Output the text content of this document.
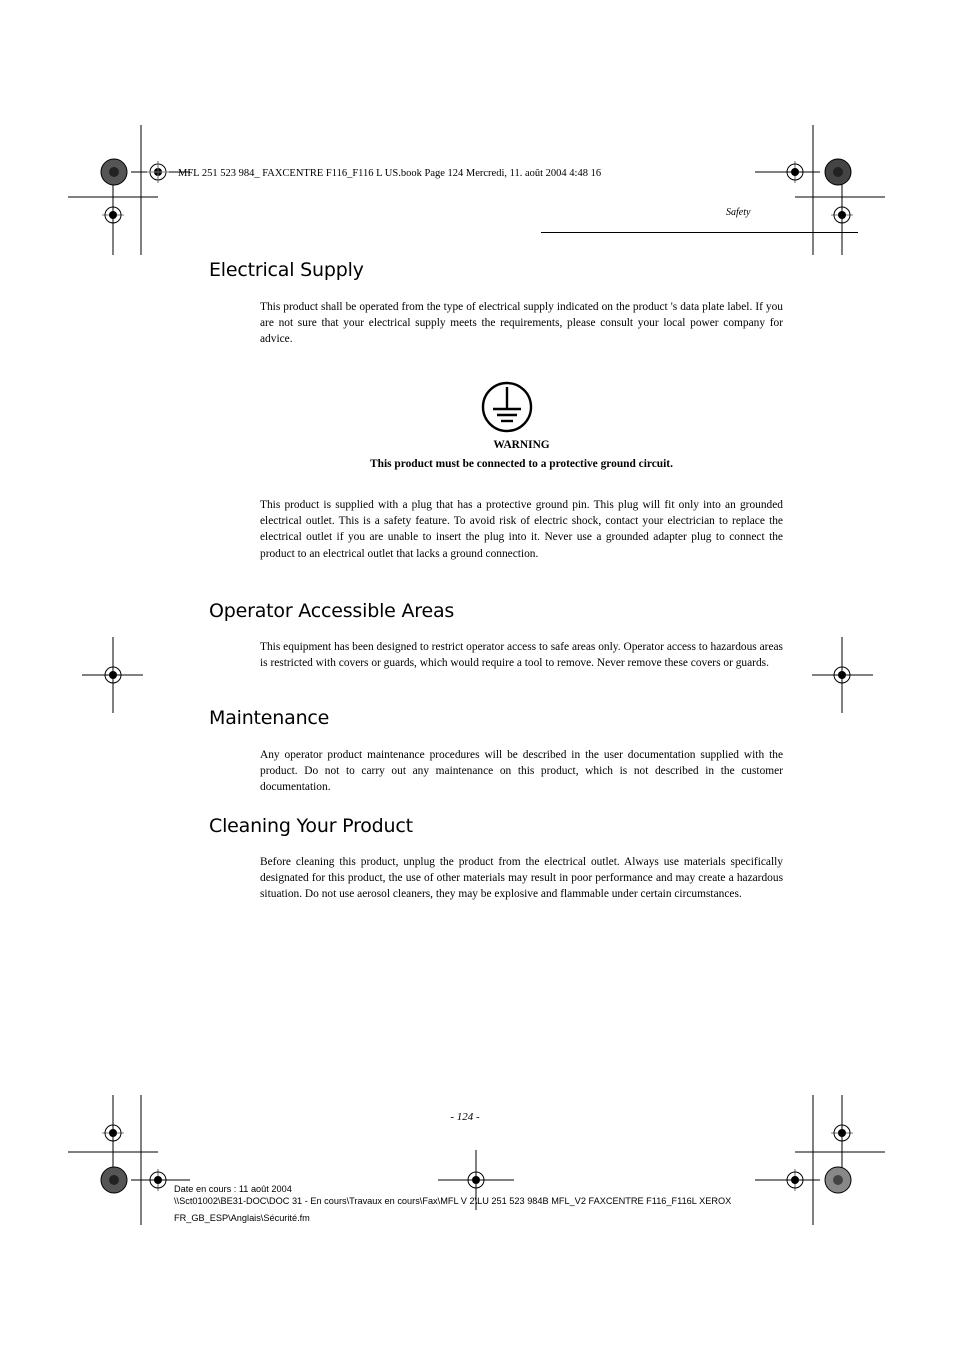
MFL 251 523 984_ FAXCENTRE F116_F116 L US.book Page 124 Mercredi, 11. août 2004 4:48 16
Safety
Electrical Supply

This product shall be operated from the type of electrical supply indicated on the product 's data plate label. If you are not sure that your electrical supply meets the requirements, please consult your local power company for advice.

WARNING

This product must be connected to a protective ground circuit.

This product is supplied with a plug that has a protective ground pin. This plug will fit only into an grounded electrical outlet. This is a safety feature. To avoid risk of electric shock, contact your electrician to replace the electrical outlet if you are unable to insert the plug into it. Never use a grounded adapter plug to connect the product to an electrical outlet that lacks a ground connection.

Operator Accessible Areas

This equipment has been designed to restrict operator access to safe areas only. Operator access to hazardous areas is restricted with covers or guards, which would require a tool to remove. Never remove these covers or guards.

Maintenance

Any operator product maintenance procedures will be described in the user documentation supplied with the product. Do not to carry out any maintenance on this product, which is not described in the customer documentation.

Cleaning Your Product

Before cleaning this product, unplug the product from the electrical outlet. Always use materials specifically designated for this product, the use of other materials may result in poor performance and may create a hazardous situation. Do not use aerosol cleaners, they may be explosive and flammable under certain circumstances.

- 124 -
Date en cours : 11 août 2004
\\Sct01002\BE31-DOC\DOC 31 - En cours\Travaux en cours\Fax\MFL V 2\LU 251 523 984B MFL_V2 FAXCENTRE F116_F116L XEROX
FR_GB_ESP\Anglais\Sécurité.fm
